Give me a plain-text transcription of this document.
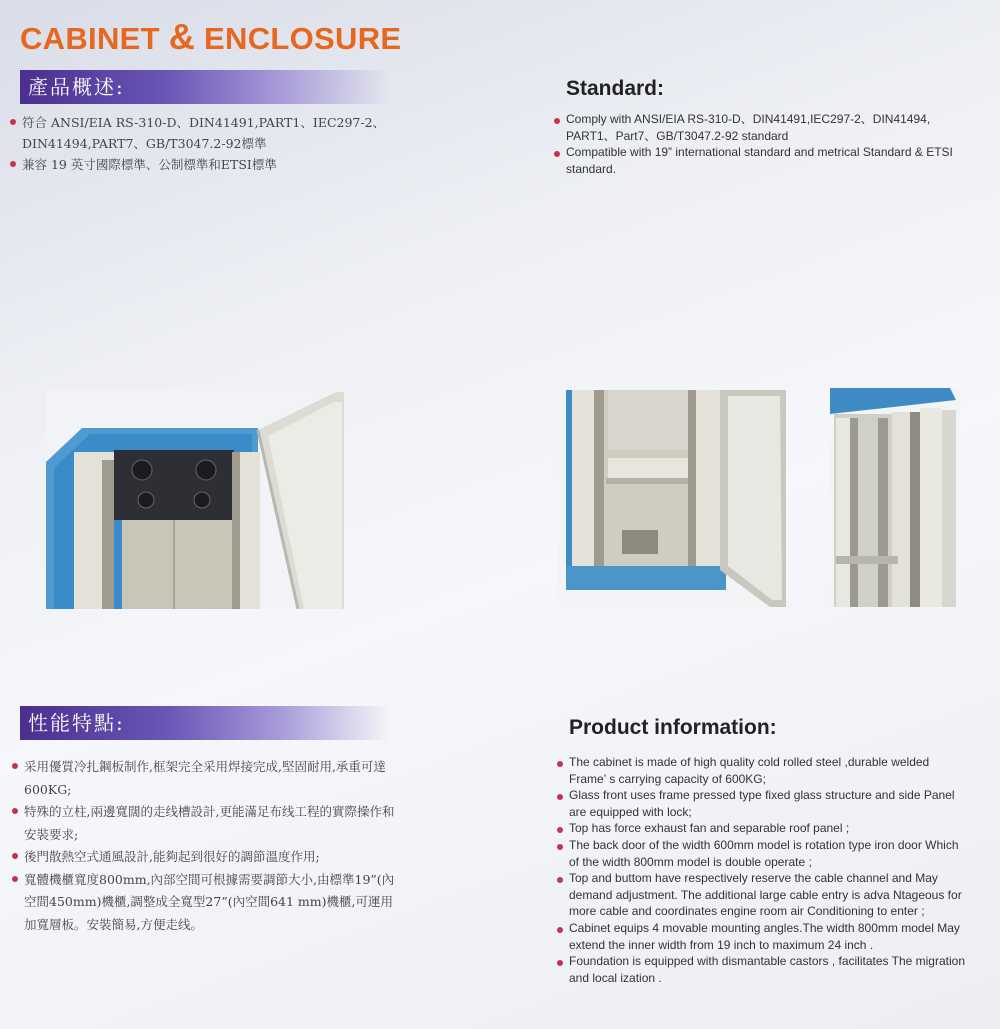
CABINET & ENCLOSURE
產品概述:
符合 ANSI/EIA RS-310-D、DIN41491,PART1、IEC297-2、DIN41494,PART7、GB/T3047.2-92標準
兼容 19 英寸國際標準、公制標準和ETSI標準
Standard:
Comply with ANSI/EIA RS-310-D、DIN41491,IEC297-2、DIN41494, PART1、Part7、GB/T3047.2-92 standard
Compatible with 19” international standard and metrical Standard & ETSI standard.
性能特點:
采用優質冷扎鋼板制作,框架完全采用焊接完成,堅固耐用,承重可達600KG;
特殊的立柱,兩邊寬闊的走线槽設計,更能滿足布线工程的實際操作和安裝要求;
後門散熱空式通風設計,能夠起到很好的調節溫度作用;
寬體機櫃寬度800mm,內部空間可根據需要調節大小,由標準19”(內空間450mm)機櫃,調整成全寬型27”(內空間641 mm)機櫃,可運用加寬層板。安裝簡易,方便走线。
Product information:
The cabinet is made of high quality cold rolled steel ,durable welded Frame’ s carrying capacity of 600KG;
Glass front uses frame pressed type fixed glass structure and side Panel are equipped with lock;
Top has force exhaust fan and separable roof panel ;
The back door of the width 600mm model is rotation type iron door Which of the width 800mm model is double operate ;
Top and buttom have respectively reserve the cable channel and May demand adjustment. The additional large cable entry is adva Ntageous for more cable and coordinates engine room air Conditioning to enter ;
Cabinet equips 4 movable mounting angles.The width 800mm model May extend the inner width from 19 inch to maximum 24 inch .
Foundation is equipped with dismantable castors , facilitates The migration and local ization .
